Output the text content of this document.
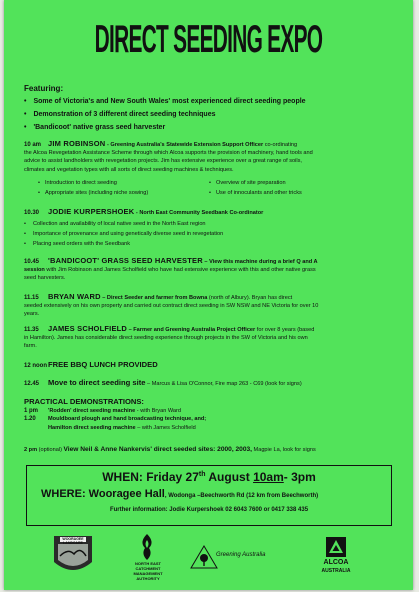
DIRECT SEEDING EXPO
Featuring:
• Some of Victoria's and New South Wales' most experienced direct seeding people
• Demonstration of 3 different direct seeding techniques
• 'Bandicoot' native grass seed harvester
10 am JIM ROBINSON - Greening Australia's Statewide Extension Support Officer co-ordinating
the Alcoa Revegetation Assistance Scheme through which Alcoa supports the provision of machinery, hand tools and
advice to assist landholders with revegetation projects. Jim has extensive experience over a great range of soils,
climates and vegetation types with all sorts of direct seeding machines & techniques.
• Introduction to direct seeding
• Appropriate sites (including niche sowing)
• Overview of site preparation
• Use of innoculants and other tricks
10.30 JODIE KURPERSHOEK - North East Community Seedbank Co-ordinator
• Collection and availability of local native seed in the North East region
• Importance of provenance and using genetically diverse seed in revegetation
• Placing seed orders with the Seedbank
10.45 'BANDICOOT' GRASS SEED HARVESTER – View this machine during a brief Q and A
session with Jim Robinson and James Scholfield who have had extensive experience with this and other native grass
seed harvesters.
11.15 BRYAN WARD – Direct Seeder and farmer from Bowna (north of Albury). Bryan has direct
seeded extensively on his own property and carried out contract direct seeding in SW NSW and NE Victoria for over 10
years.
11.35 JAMES SCHOLFIELD – Farmer and Greening Australia Project Officer for over 8 years (based
in Hamilton). James has considerable direct seeding experience through projects in the SW of Victoria and his own
farm.
12 noonFREE BBQ LUNCH PROVIDED
12.45 Move to direct seeding site – Marcus & Lisa O'Connor, Fire map 263 - C69 (look for signs)
PRACTICAL DEMONSTRATIONS:
1 pm 'Rodden' direct seeding machine - with Bryan Ward
1.20 Mouldboard plough and hand broadcasting technique, and;
Hamilton direct seeding machine – with James Scholfield
2 pm (optional) View Neil & Anne Nankervis' direct seeded sites: 2000, 2003, Magpie La, look for signs
WHEN: Friday 27th August 10am- 3pm
WHERE: Wooragee Hall, Wodonga –Beechworth Rd (12 km from Beechworth)
Further information: Jodie Kurpershoek 02 6043 7600 or 0417 338 435
WOORAGEE LANDCARE
NORTH EAST
CATCHMENT
MANAGEMENT
AUTHORITY
Greening Australia
ALCOA
AUSTRALIA
